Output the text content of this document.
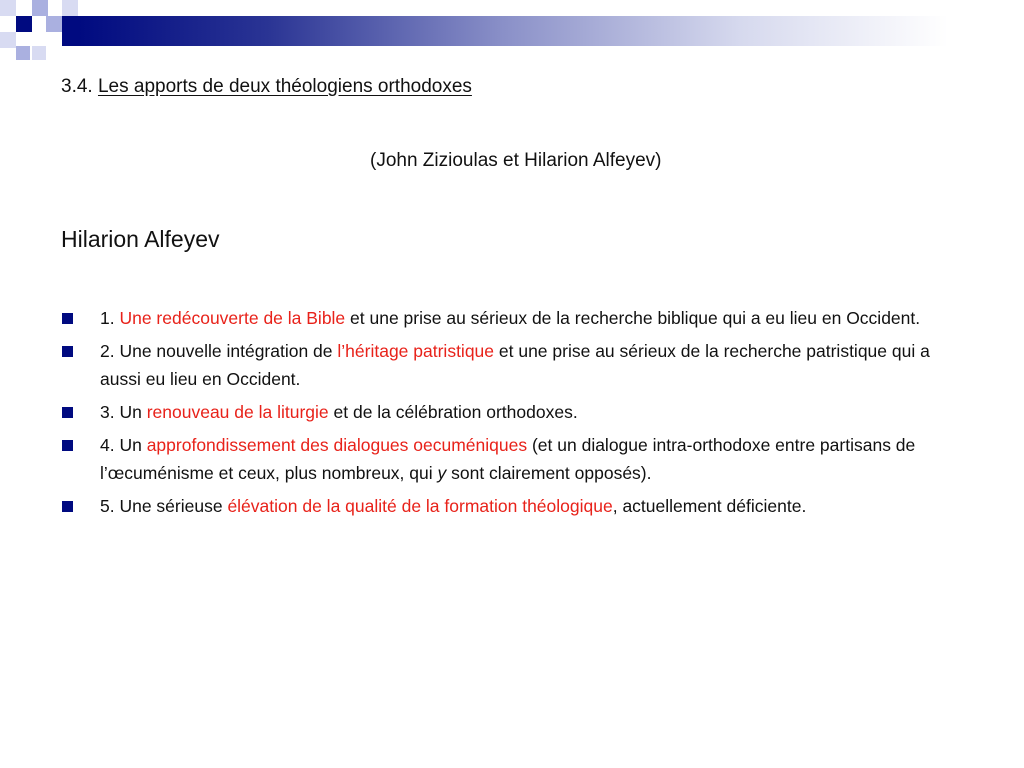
3.4. Les apports de deux théologiens orthodoxes
(John Zizioulas et Hilarion Alfeyev)
Hilarion Alfeyev
1. Une redécouverte de la Bible et une prise au sérieux de la recherche biblique qui a eu lieu en Occident.
2. Une nouvelle intégration de l’héritage patristique et une prise au sérieux de la recherche patristique qui a aussi eu lieu en Occident.
3. Un renouveau de la liturgie et de la célébration orthodoxes.
4. Un approfondissement des dialogues oecuméniques (et un dialogue intra-orthodoxe entre partisans de l’œcuménisme et ceux, plus nombreux, qui y sont clairement opposés).
5. Une sérieuse élévation de la qualité de la formation théologique, actuellement déficiente.
